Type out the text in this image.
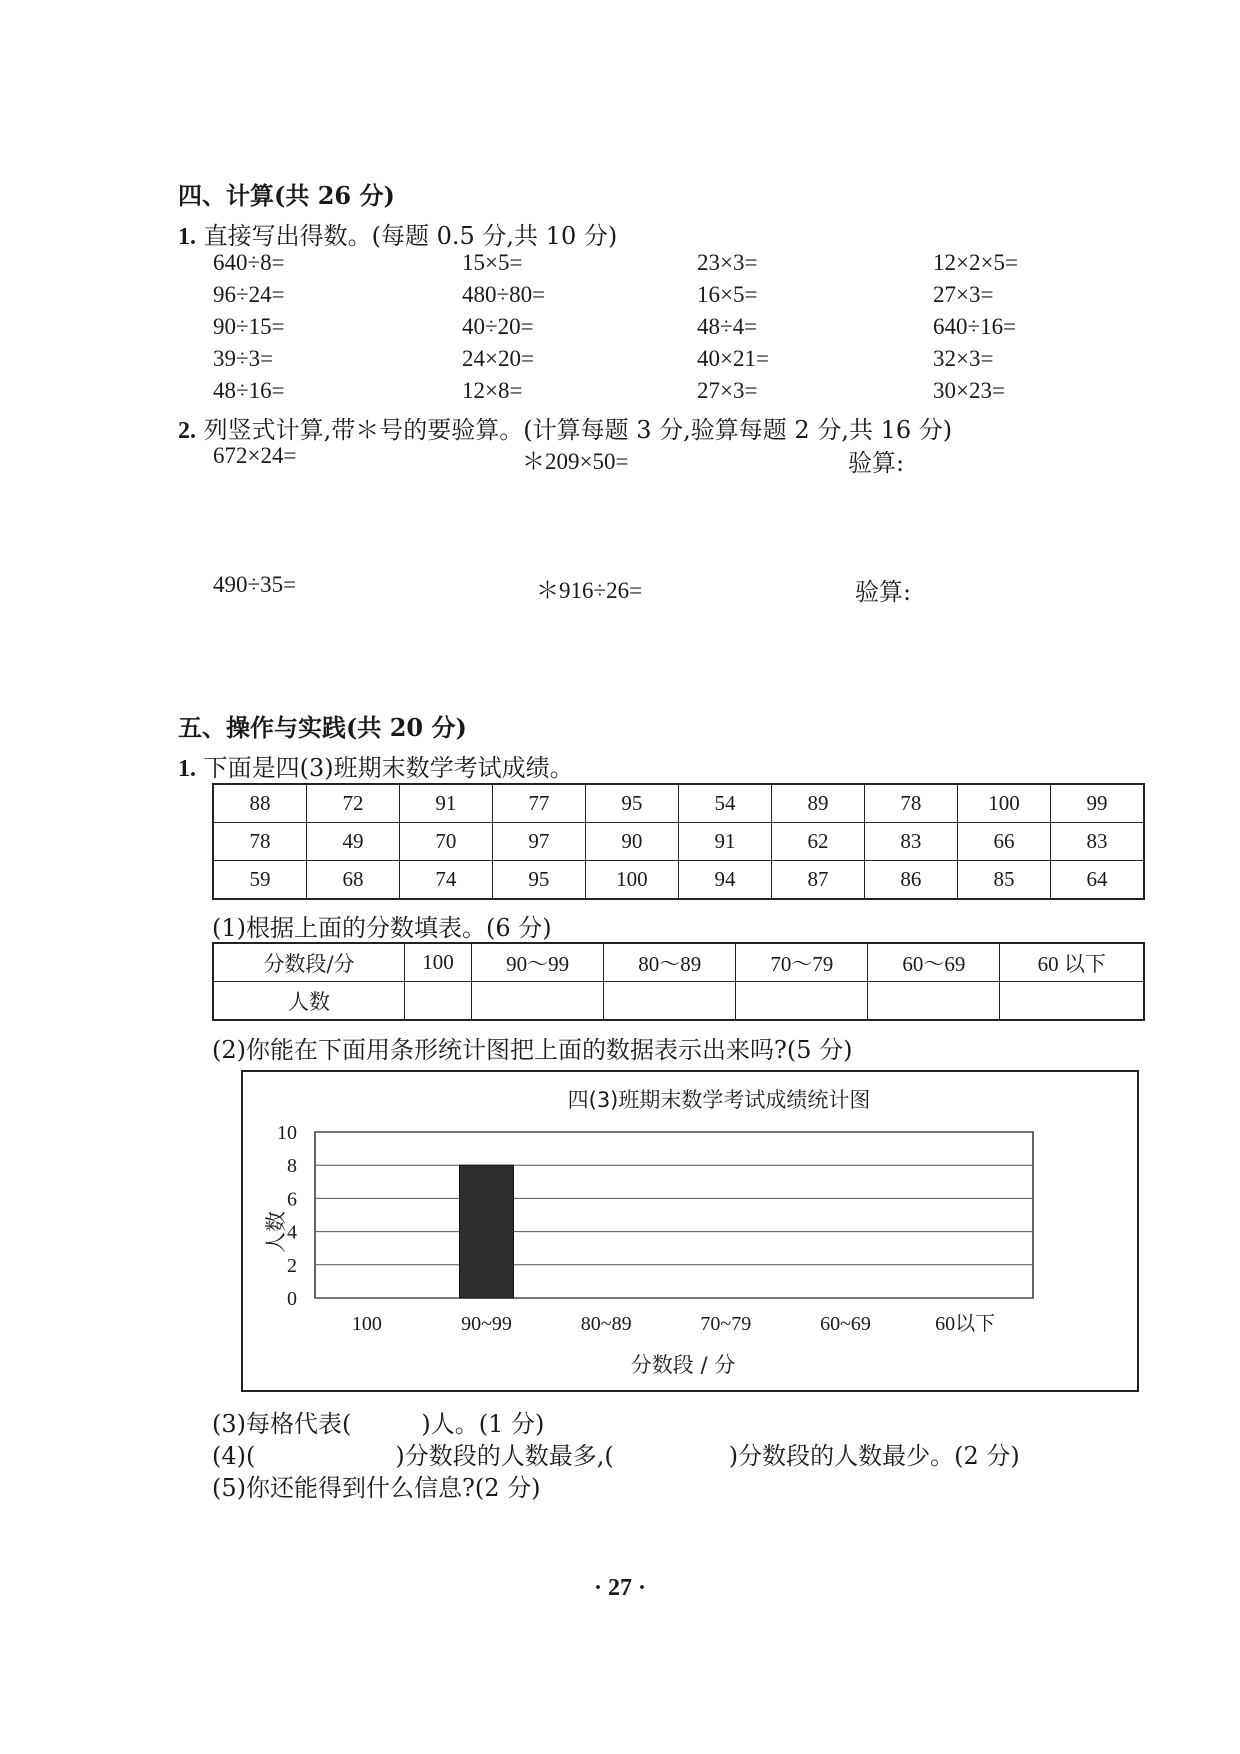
四、计算(共 26 分)
1. 直接写出得数。(每题 0.5 分,共 10 分)
640÷8=	15×5=	23×3=	12×2×5=
96÷24=	480÷80=	16×5=	27×3=
90÷15=	40÷20=	48÷4=	640÷16=
39÷3=	24×20=	40×21=	32×3=
48÷16=	12×8=	27×3=	30×23=
2. 列竖式计算,带＊号的要验算。(计算每题 3 分,验算每题 2 分,共 16 分)
672×24=	＊209×50=	验算:
490÷35=	＊916÷26=	验算:
五、操作与实践(共 20 分)
1. 下面是四(3)班期末数学考试成绩。
88	72	91	77	95	54	89	78	100	99
78	49	70	97	90	91	62	83	66	83
59	68	74	95	100	94	87	86	85	64
(1)根据上面的分数填表。(6 分)
分数段/分	100	90～99	80～89	70～79	60～69	60 以下
人数						
(2)你能在下面用条形统计图把上面的数据表示出来吗?(5 分)
四(3)班期末数学考试成绩统计图
0
2
4
6
8
10
100	90~99	80~89	70~79	60~69	60以下
人数
分数段 / 分
(3)每格代表(	)人。(1 分)
(4)(	)分数段的人数最多,(	)分数段的人数最少。(2 分)
(5)你还能得到什么信息?(2 分)
· 27 ·
